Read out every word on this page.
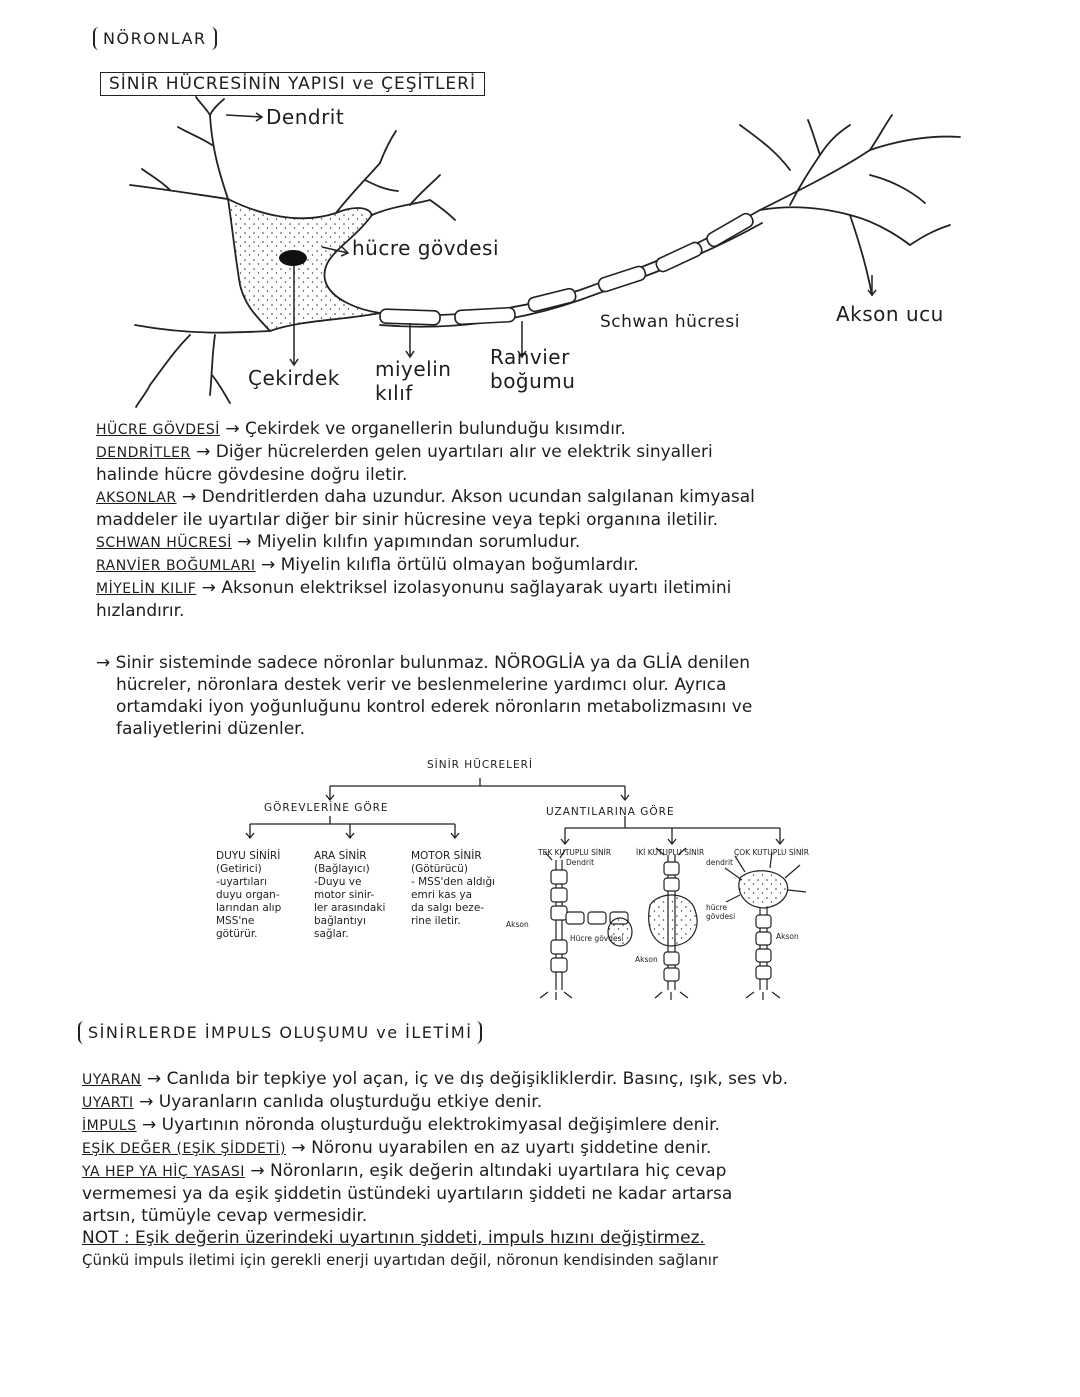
NÖRONLAR
SİNİR HÜCRESİNİN YAPISI ve ÇEŞİTLERİ
Dendrit
hücre gövdesi
Çekirdek miyelin kılıf
Ranvier boğumu
Schwan hücresi	Akson ucu
HÜCRE GÖVDESİ → Çekirdek ve organellerin bulunduğu kısımdır.
DENDRİTLER → Diğer hücrelerden gelen uyartıları alır ve elektrik sinyalleri
halinde hücre gövdesine doğru iletir.
AKSONLAR → Dendritlerden daha uzundur. Akson ucundan salgılanan kimyasal
maddeler ile uyartılar diğer bir sinir hücresine veya tepki organına iletilir.
SCHWAN HÜCRESİ → Miyelin kılıfın yapımından sorumludur.
RANVİER BOĞUMLARI → Miyelin kılıfla örtülü olmayan boğumlardır.
MİYELİN KILIF → Aksonun elektriksel izolasyonunu sağlayarak uyartı iletimini
hızlandırır.
→ Sinir sisteminde sadece nöronlar bulunmaz. NÖROGLİA ya da GLİA denilen
hücreler, nöronlara destek verir ve beslenmelerine yardımcı olur. Ayrıca
ortamdaki iyon yoğunluğunu kontrol ederek nöronların metabolizmasını ve
faaliyetlerini düzenler.
SİNİR HÜCRELERİ
GÖREVLERİNE GÖRE	UZANTILARINA GÖRE
DUYU SİNİRİ
(Getirici)
-uyartıları
duyu organ-
larından alıp
MSS'ne götürür.
ARA SİNİR
(Bağlayıcı)
-Duyu ve
motor sinir-
ler arasındaki
bağlantıyı
sağlar.
MOTOR SİNİR
(Götürücü)
- MSS'den aldığı
emri kas ya
da salgı beze-
rine iletir.
TEK KUTUPLU SİNİR	İKİ KUTUPLU SİNİR	ÇOK KUTUPLU SİNİR
Dendrit	dendrit
Hücre gövdesi
hücre gövdesi
Akson
Akson
Akson
SİNİRLERDE İMPULS OLUŞUMU ve İLETİMİ
UYARAN → Canlıda bir tepkiye yol açan, iç ve dış değişikliklerdir. Basınç, ışık, ses vb.
UYARTI → Uyaranların canlıda oluşturduğu etkiye denir.
İMPULS → Uyartının nöronda oluşturduğu elektrokimyasal değişimlere denir.
EŞİK DEĞER (EŞİK ŞİDDETİ) → Nöronu uyarabilen en az uyartı şiddetine denir.
YA HEP YA HİÇ YASASI → Nöronların, eşik değerin altındaki uyartılara hiç cevap
vermemesi ya da eşik şiddetin üstündeki uyartıların şiddeti ne kadar artarsa
artsın, tümüyle cevap vermesidir.
NOT : Eşik değerin üzerindeki uyartının şiddeti, impuls hızını değiştirmez.
Çünkü impuls iletimi için gerekli enerji uyartıdan değil, nöronun kendisinden sağlanır
